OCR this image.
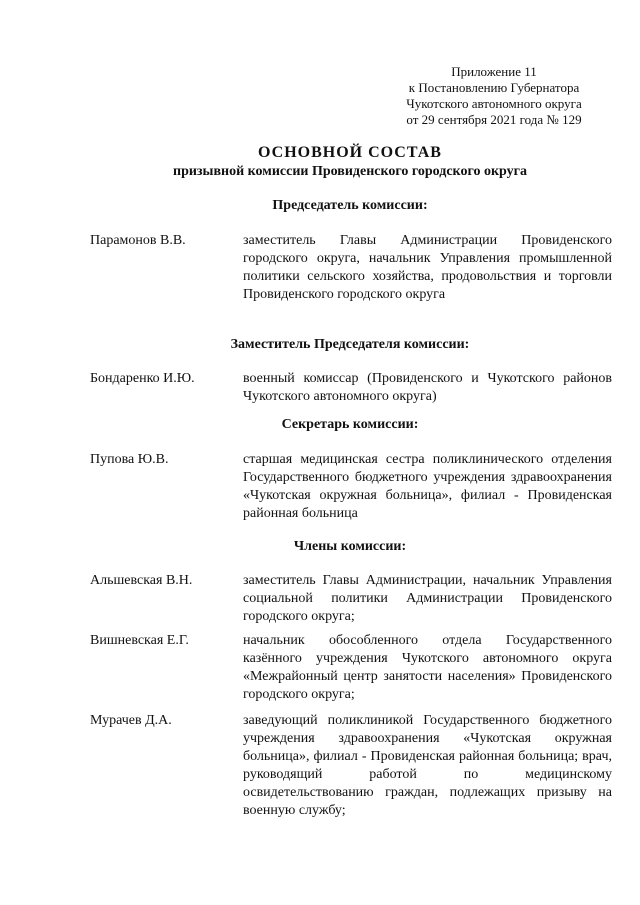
Приложение 11
к Постановлению Губернатора
Чукотского автономного округа
от 29 сентября 2021 года № 129
ОСНОВНОЙ СОСТАВ
призывной комиссии Провиденского городского округа
Председатель комиссии:
Парамонов В.В.	заместитель Главы Администрации Провиденского городского округа, начальник Управления промышленной политики сельского хозяйства, продовольствия и торговли Провиденского городского округа
Заместитель Председателя комиссии:
Бондаренко И.Ю.	военный комиссар (Провиденского и Чукотского районов Чукотского автономного округа)
Секретарь комиссии:
Пупова Ю.В.	старшая медицинская сестра поликлинического отделения Государственного бюджетного учреждения здравоохранения «Чукотская окружная больница», филиал - Провиденская районная больница
Члены комиссии:
Альшевская В.Н.	заместитель Главы Администрации, начальник Управления социальной политики Администрации Провиденского городского округа;
Вишневская Е.Г.	начальник обособленного отдела Государственного казённого учреждения Чукотского автономного округа «Межрайонный центр занятости населения» Провиденского городского округа;
Мурачев Д.А.	заведующий поликлиникой Государственного бюджетного учреждения здравоохранения «Чукотская окружная больница», филиал - Провиденская районная больница; врач, руководящий работой по медицинскому освидетельствованию граждан, подлежащих призыву на военную службу;
